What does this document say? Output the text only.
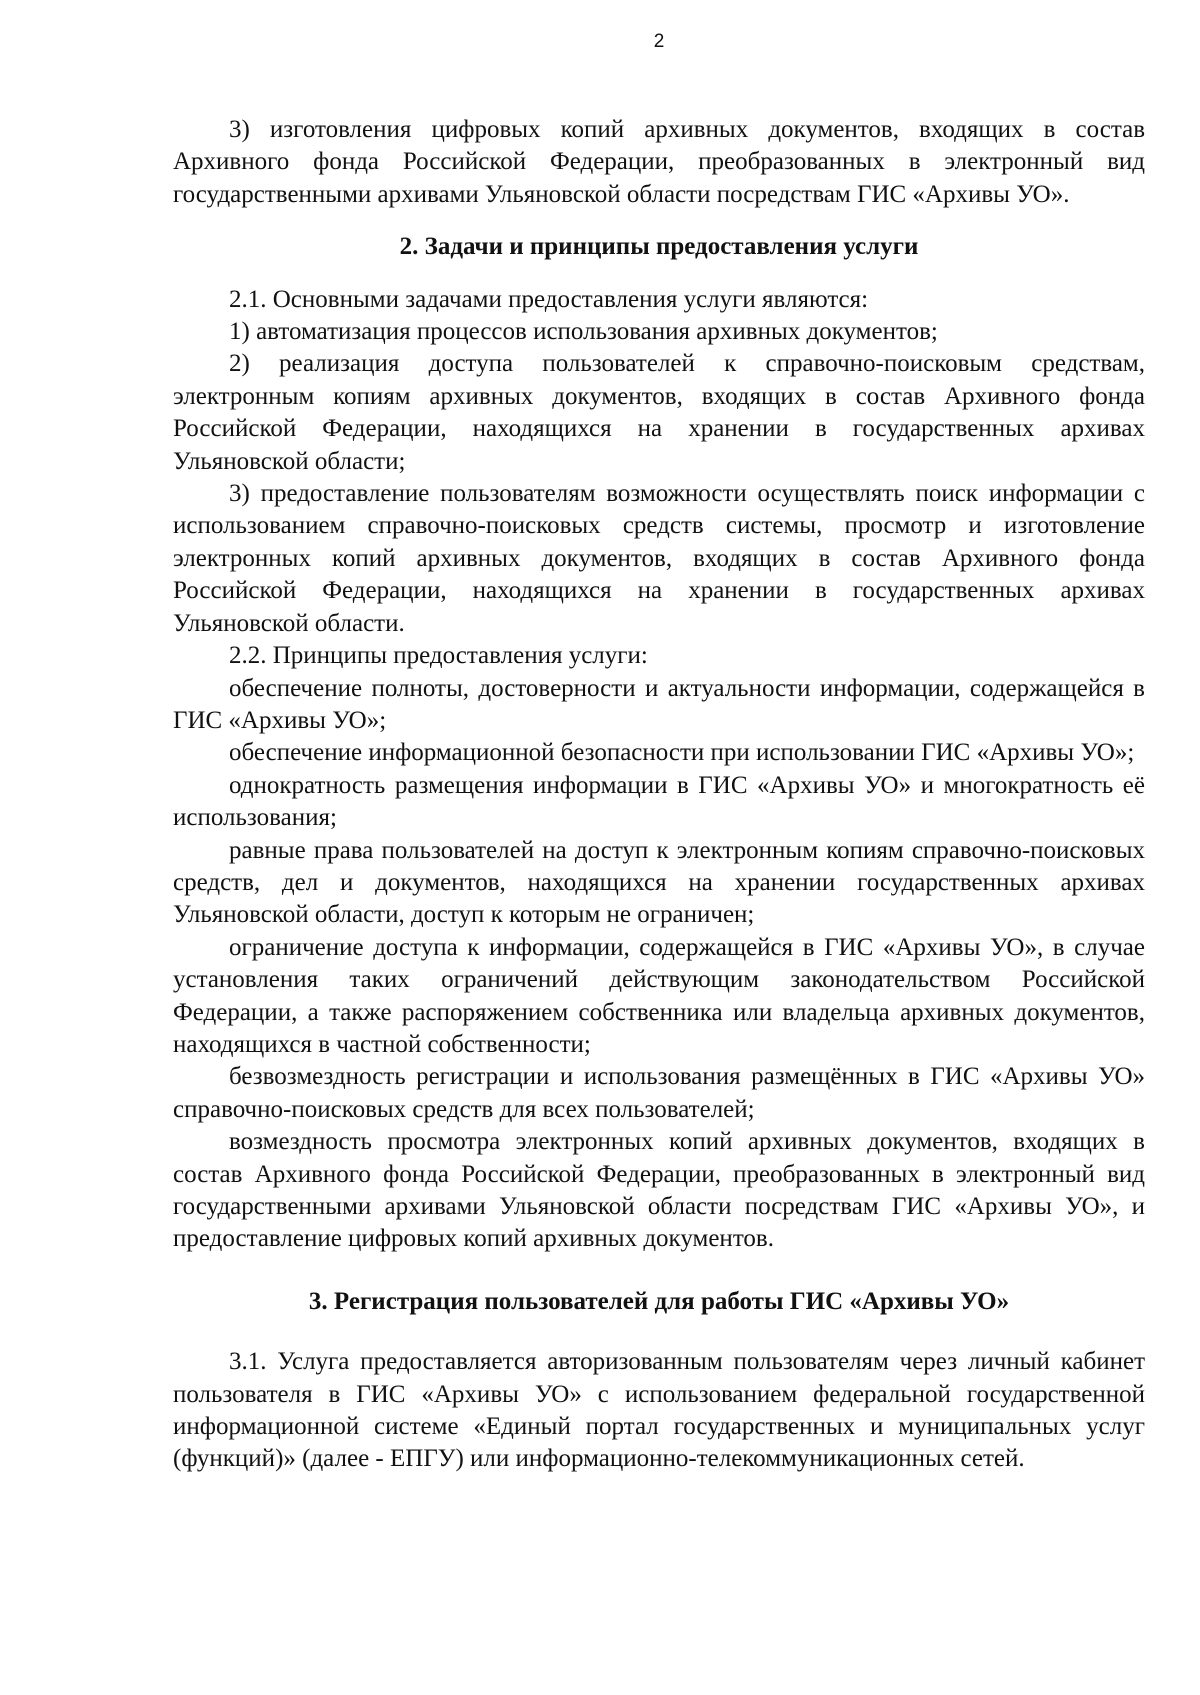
2

3) изготовления цифровых копий архивных документов, входящих в состав Архивного фонда Российской Федерации, преобразованных в электронный вид государственными архивами Ульяновской области посредствам ГИС «Архивы УО».

2. Задачи и принципы предоставления услуги

2.1. Основными задачами предоставления услуги являются:

1) автоматизация процессов использования архивных документов;

2) реализация доступа пользователей к справочно-поисковым средствам, электронным копиям архивных документов, входящих в состав Архивного фонда Российской Федерации, находящихся на хранении в государственных архивах Ульяновской области;

3) предоставление пользователям возможности осуществлять поиск информации с использованием справочно-поисковых средств системы, просмотр и изготовление электронных копий архивных документов, входящих в состав Архивного фонда Российской Федерации, находящихся на хранении в государственных архивах Ульяновской области.

2.2. Принципы предоставления услуги:

обеспечение полноты, достоверности и актуальности информации, содержащейся в ГИС «Архивы УО»;

обеспечение информационной безопасности при использовании ГИС «Архивы УО»;

однократность размещения информации в ГИС «Архивы УО» и многократность её использования;

равные права пользователей на доступ к электронным копиям справочно-поисковых средств, дел и документов, находящихся на хранении государственных архивах Ульяновской области, доступ к которым не ограничен;

ограничение доступа к информации, содержащейся в ГИС «Архивы УО», в случае установления таких ограничений действующим законодательством Российской Федерации, а также распоряжением собственника или владельца архивных документов, находящихся в частной собственности;

безвозмездность регистрации и использования размещённых в ГИС «Архивы УО» справочно-поисковых средств для всех пользователей;

возмездность просмотра электронных копий архивных документов, входящих в состав Архивного фонда Российской Федерации, преобразованных в электронный вид государственными архивами Ульяновской области посредствам ГИС «Архивы УО», и предоставление цифровых копий архивных документов.

3. Регистрация пользователей для работы ГИС «Архивы УО»

3.1. Услуга предоставляется авторизованным пользователям через личный кабинет пользователя в ГИС «Архивы УО» с использованием федеральной государственной информационной системе «Единый портал государственных и муниципальных услуг (функций)» (далее - ЕПГУ) или информационно-телекоммуникационных сетей.
